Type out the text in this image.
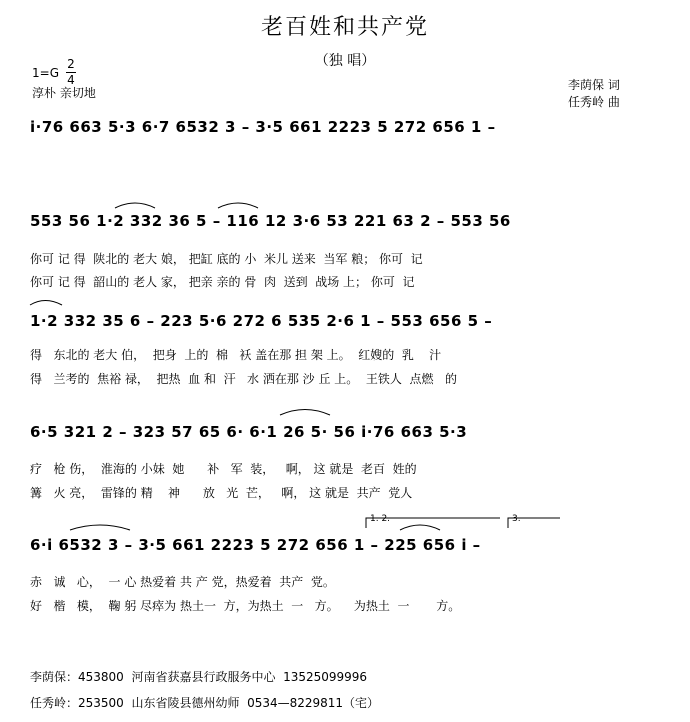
老百姓和共产党
（独 唱）
1=G
2
4
淳朴 亲切地
李荫保 词
任秀岭 曲
i·76 663 5·3 6·7 6532 3 – 3·5 661 2223 5 272 656 1 –
553 56 1·2 332 36 5 – 116 12 3·6 53 221 63 2 – 553 56
你可 记 得  陕北的 老大 娘， 把缸 底的 小  米儿 送来  当军 粮； 你可  记
你可 记 得  韶山的 老人 家， 把亲 亲的 骨  肉  送到  战场 上； 你可  记
1·2 332 35 6 – 223 5·6 272 6 535 2·6 1 – 553 656 5 –
得   东北的 老大 伯，  把身  上的  棉   袄 盖在那 担 架 上。  红嫂的  乳    汁
得   兰考的  焦裕 禄，  把热  血 和  汗   水 洒在那 沙 丘 上。  王铁人  点燃   的
6·5 321 2 – 323 57 65 6· 6·1 26 5· 56 i·76 663 5·3
疗   枪 伤，  淮海的 小妹  她      补   军  装，   啊， 这 就是  老百  姓的
篝   火 亮，  雷锋的 精    神      放   光  芒，   啊， 这 就是  共产  党人
1. 2.	3.
6·i 6532 3 – 3·5 661 2223 5 272 656 1 – 225 656 i –
赤   诚   心，  一 心 热爱着 共 产 党，热爱着  共产  党。
好   楷   模，  鞠 躬 尽瘁为 热土一  方，为热土  一   方。    为热土  一       方。
李荫保：453800  河南省获嘉县行政服务中心  13525099996
任秀岭：253500  山东省陵县德州幼师  0534—8229811（宅）
